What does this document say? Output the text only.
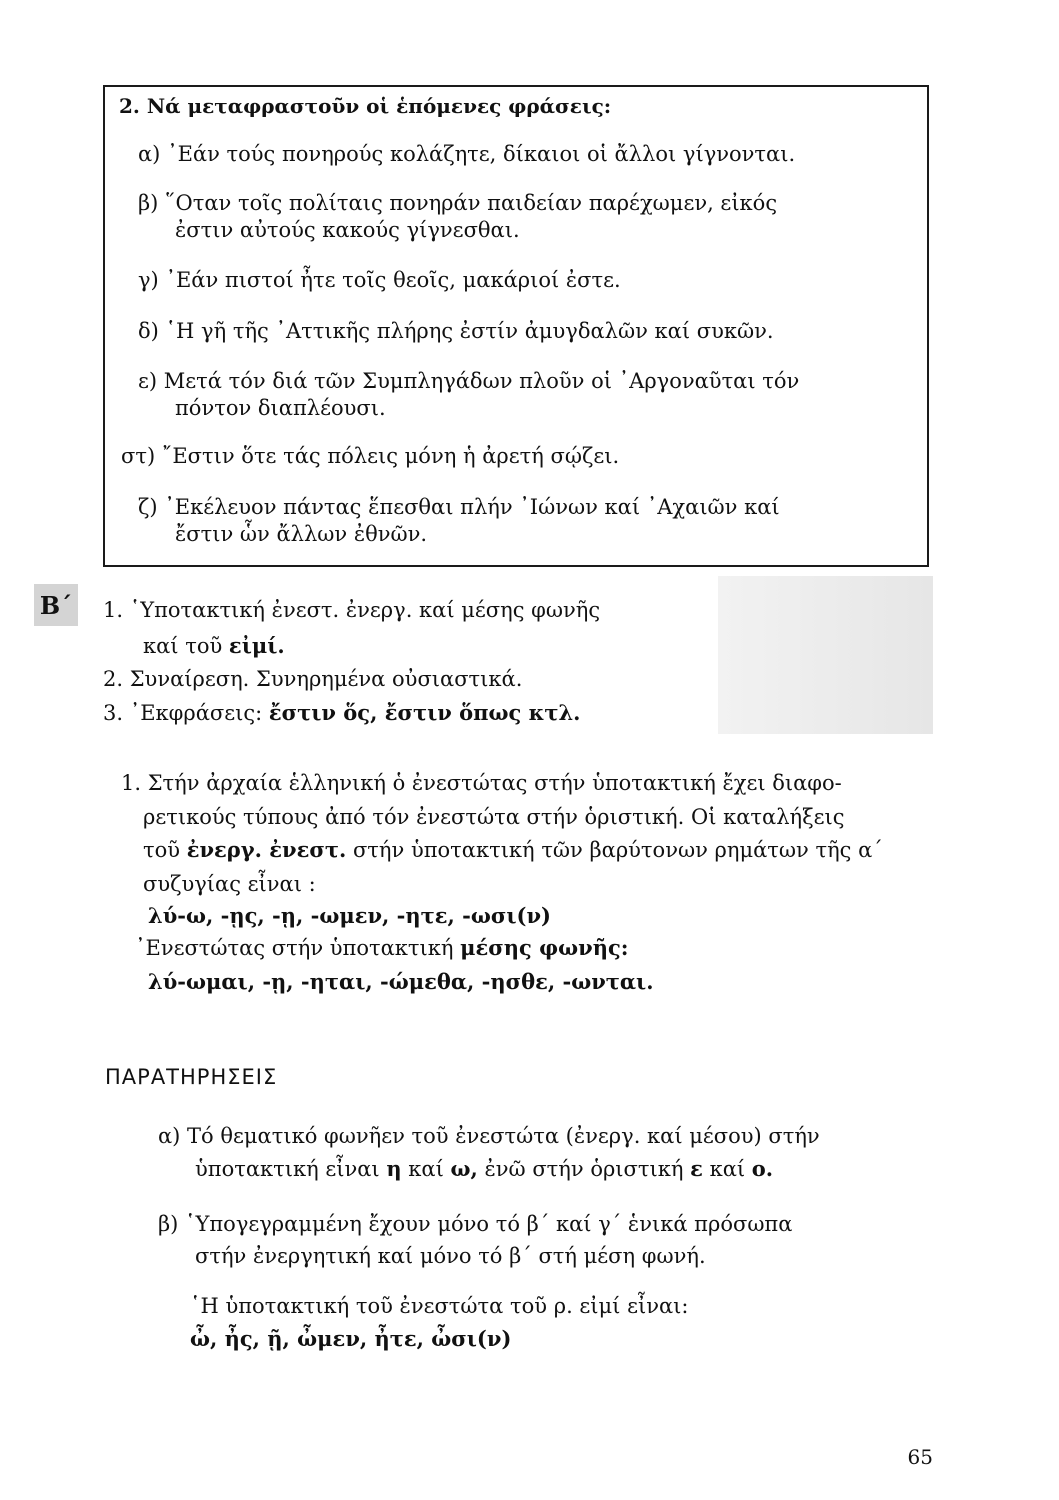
2. Νά μεταφραστοῦν οἱ ἑπόμενες φράσεις:
α) ᾿Εάν τούς πονηρούς κολάζητε, δίκαιοι οἱ ἄλλοι γίγνονται.
β) ῞Οταν τοῖς πολίταις πονηράν παιδείαν παρέχωμεν, εἰκός
ἐστιν αὐτούς κακούς γίγνεσθαι.
γ) ᾿Εάν πιστοί ἦτε τοῖς θεοῖς, μακάριοί ἐστε.
δ) ῾Η γῆ τῆς ᾿Αττικῆς πλήρης ἐστίν ἀμυγδαλῶν καί συκῶν.
ε) Μετά τόν διά τῶν Συμπληγάδων πλοῦν οἱ ᾿Αργοναῦται τόν
πόντον διαπλέουσι.
στ) ῎Εστιν ὅτε τάς πόλεις μόνη ἡ ἀρετή σῴζει.
ζ) ᾿Εκέλευον πάντας ἕπεσθαι πλήν ᾿Ιώνων καί ᾿Αχαιῶν καί
ἔστιν ὧν ἄλλων ἐθνῶν.
Β΄ 1. ῾Υποτακτική ἐνεστ. ἐνεργ. καί μέσης φωνῆς
καί τοῦ εἰμί.
2. Συναίρεση. Συνηρημένα οὐσιαστικά.
3. ᾿Εκφράσεις: ἔστιν ὅς, ἔστιν ὅπως κτλ.
1. Στήν ἀρχαία ἑλληνική ὁ ἐνεστώτας στήν ὑποτακτική ἔχει διαφο-
ρετικούς τύπους ἀπό τόν ἐνεστώτα στήν ὁριστική. Οἱ καταλήξεις
τοῦ ἐνεργ. ἐνεστ. στήν ὑποτακτική τῶν βαρύτονων ρημάτων τῆς α΄
συζυγίας εἶναι :
λύ-ω, -ῃς, -ῃ, -ωμεν, -ητε, -ωσι(ν)
᾿Ενεστώτας στήν ὑποτακτική μέσης φωνῆς:
λύ-ωμαι, -ῃ, -ηται, -ώμεθα, -ησθε, -ωνται.
ΠΑΡΑΤΗΡΗΣΕΙΣ
α) Τό θεματικό φωνῆεν τοῦ ἐνεστώτα (ἐνεργ. καί μέσου) στήν
ὑποτακτική εἶναι η καί ω, ἐνῶ στήν ὁριστική ε καί ο.
β) ῾Υπογεγραμμένη ἔχουν μόνο τό β΄ καί γ΄ ἑνικά πρόσωπα
στήν ἐνεργητική καί μόνο τό β΄ στή μέση φωνή.
῾Η ὑποτακτική τοῦ ἐνεστώτα τοῦ ρ. εἰμί εἶναι:
ὦ, ἦς, ῇ, ὦμεν, ἦτε, ὦσι(ν)
65
